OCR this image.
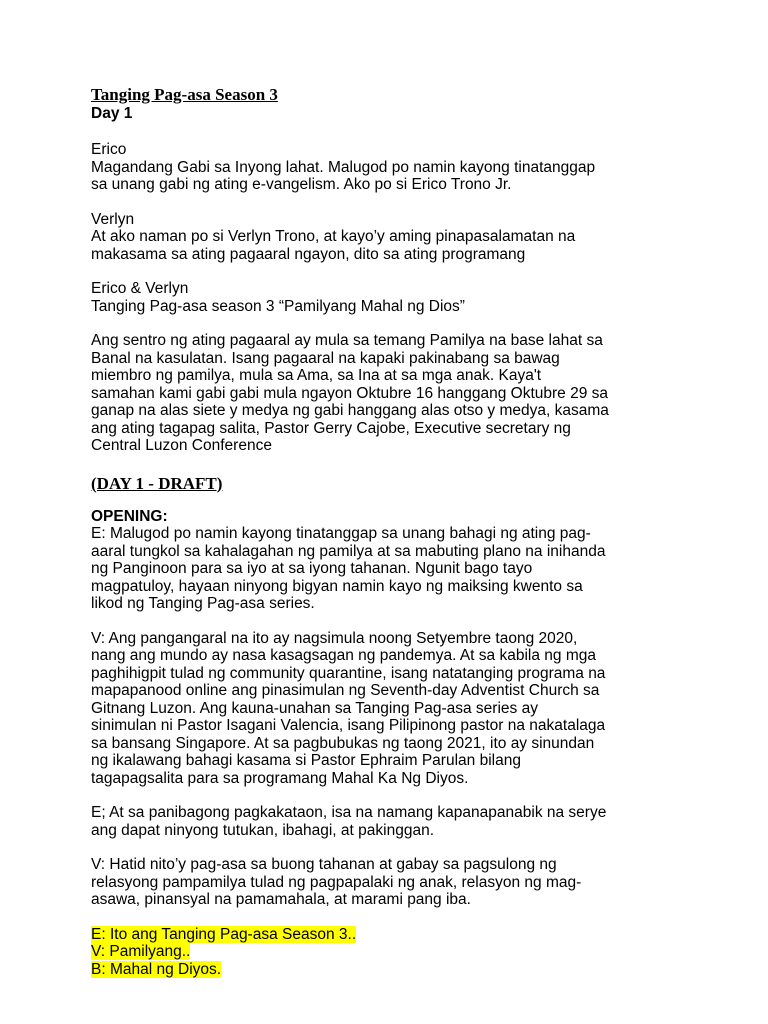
Tanging Pag-asa Season 3
Day 1
Erico
Magandang Gabi sa Inyong lahat. Malugod po namin kayong tinatanggap
sa unang gabi ng ating e-vangelism. Ako po si Erico Trono Jr.
Verlyn
At ako naman po si Verlyn Trono, at kayo’y aming pinapasalamatan na
makasama sa ating pagaaral ngayon, dito sa ating programang
Erico & Verlyn
Tanging Pag-asa season 3 “Pamilyang Mahal ng Dios”
Ang sentro ng ating pagaaral ay mula sa temang Pamilya na base lahat sa
Banal na kasulatan. Isang pagaaral na kapaki pakinabang sa bawag
miembro ng pamilya, mula sa Ama, sa Ina at sa mga anak. Kaya't
samahan kami gabi gabi mula ngayon Oktubre 16 hanggang Oktubre 29 sa
ganap na alas siete y medya ng gabi hanggang alas otso y medya, kasama
ang ating tagapag salita, Pastor Gerry Cajobe, Executive secretary ng
Central Luzon Conference
(DAY 1 - DRAFT)
OPENING:
E: Malugod po namin kayong tinatanggap sa unang bahagi ng ating pag-
aaral tungkol sa kahalagahan ng pamilya at sa mabuting plano na inihanda
ng Panginoon para sa iyo at sa iyong tahanan. Ngunit bago tayo
magpatuloy, hayaan ninyong bigyan namin kayo ng maiksing kwento sa
likod ng Tanging Pag-asa series.
V: Ang pangangaral na ito ay nagsimula noong Setyembre taong 2020,
nang ang mundo ay nasa kasagsagan ng pandemya. At sa kabila ng mga
paghihigpit tulad ng community quarantine, isang natatanging programa na
mapapanood online ang pinasimulan ng Seventh-day Adventist Church sa
Gitnang Luzon. Ang kauna-unahan sa Tanging Pag-asa series ay
sinimulan ni Pastor Isagani Valencia, isang Pilipinong pastor na nakatalaga
sa bansang Singapore. At sa pagbubukas ng taong 2021, ito ay sinundan
ng ikalawang bahagi kasama si Pastor Ephraim Parulan bilang
tagapagsalita para sa programang Mahal Ka Ng Diyos.
E; At sa panibagong pagkakataon, isa na namang kapanapanabik na serye
ang dapat ninyong tutukan, ibahagi, at pakinggan.
V: Hatid nito’y pag-asa sa buong tahanan at gabay sa pagsulong ng
relasyong pampamilya tulad ng pagpapalaki ng anak, relasyon ng mag-
asawa, pinansyal na pamamahala, at marami pang iba.
E: Ito ang Tanging Pag-asa Season 3..
V: Pamilyang..
B: Mahal ng Diyos.
